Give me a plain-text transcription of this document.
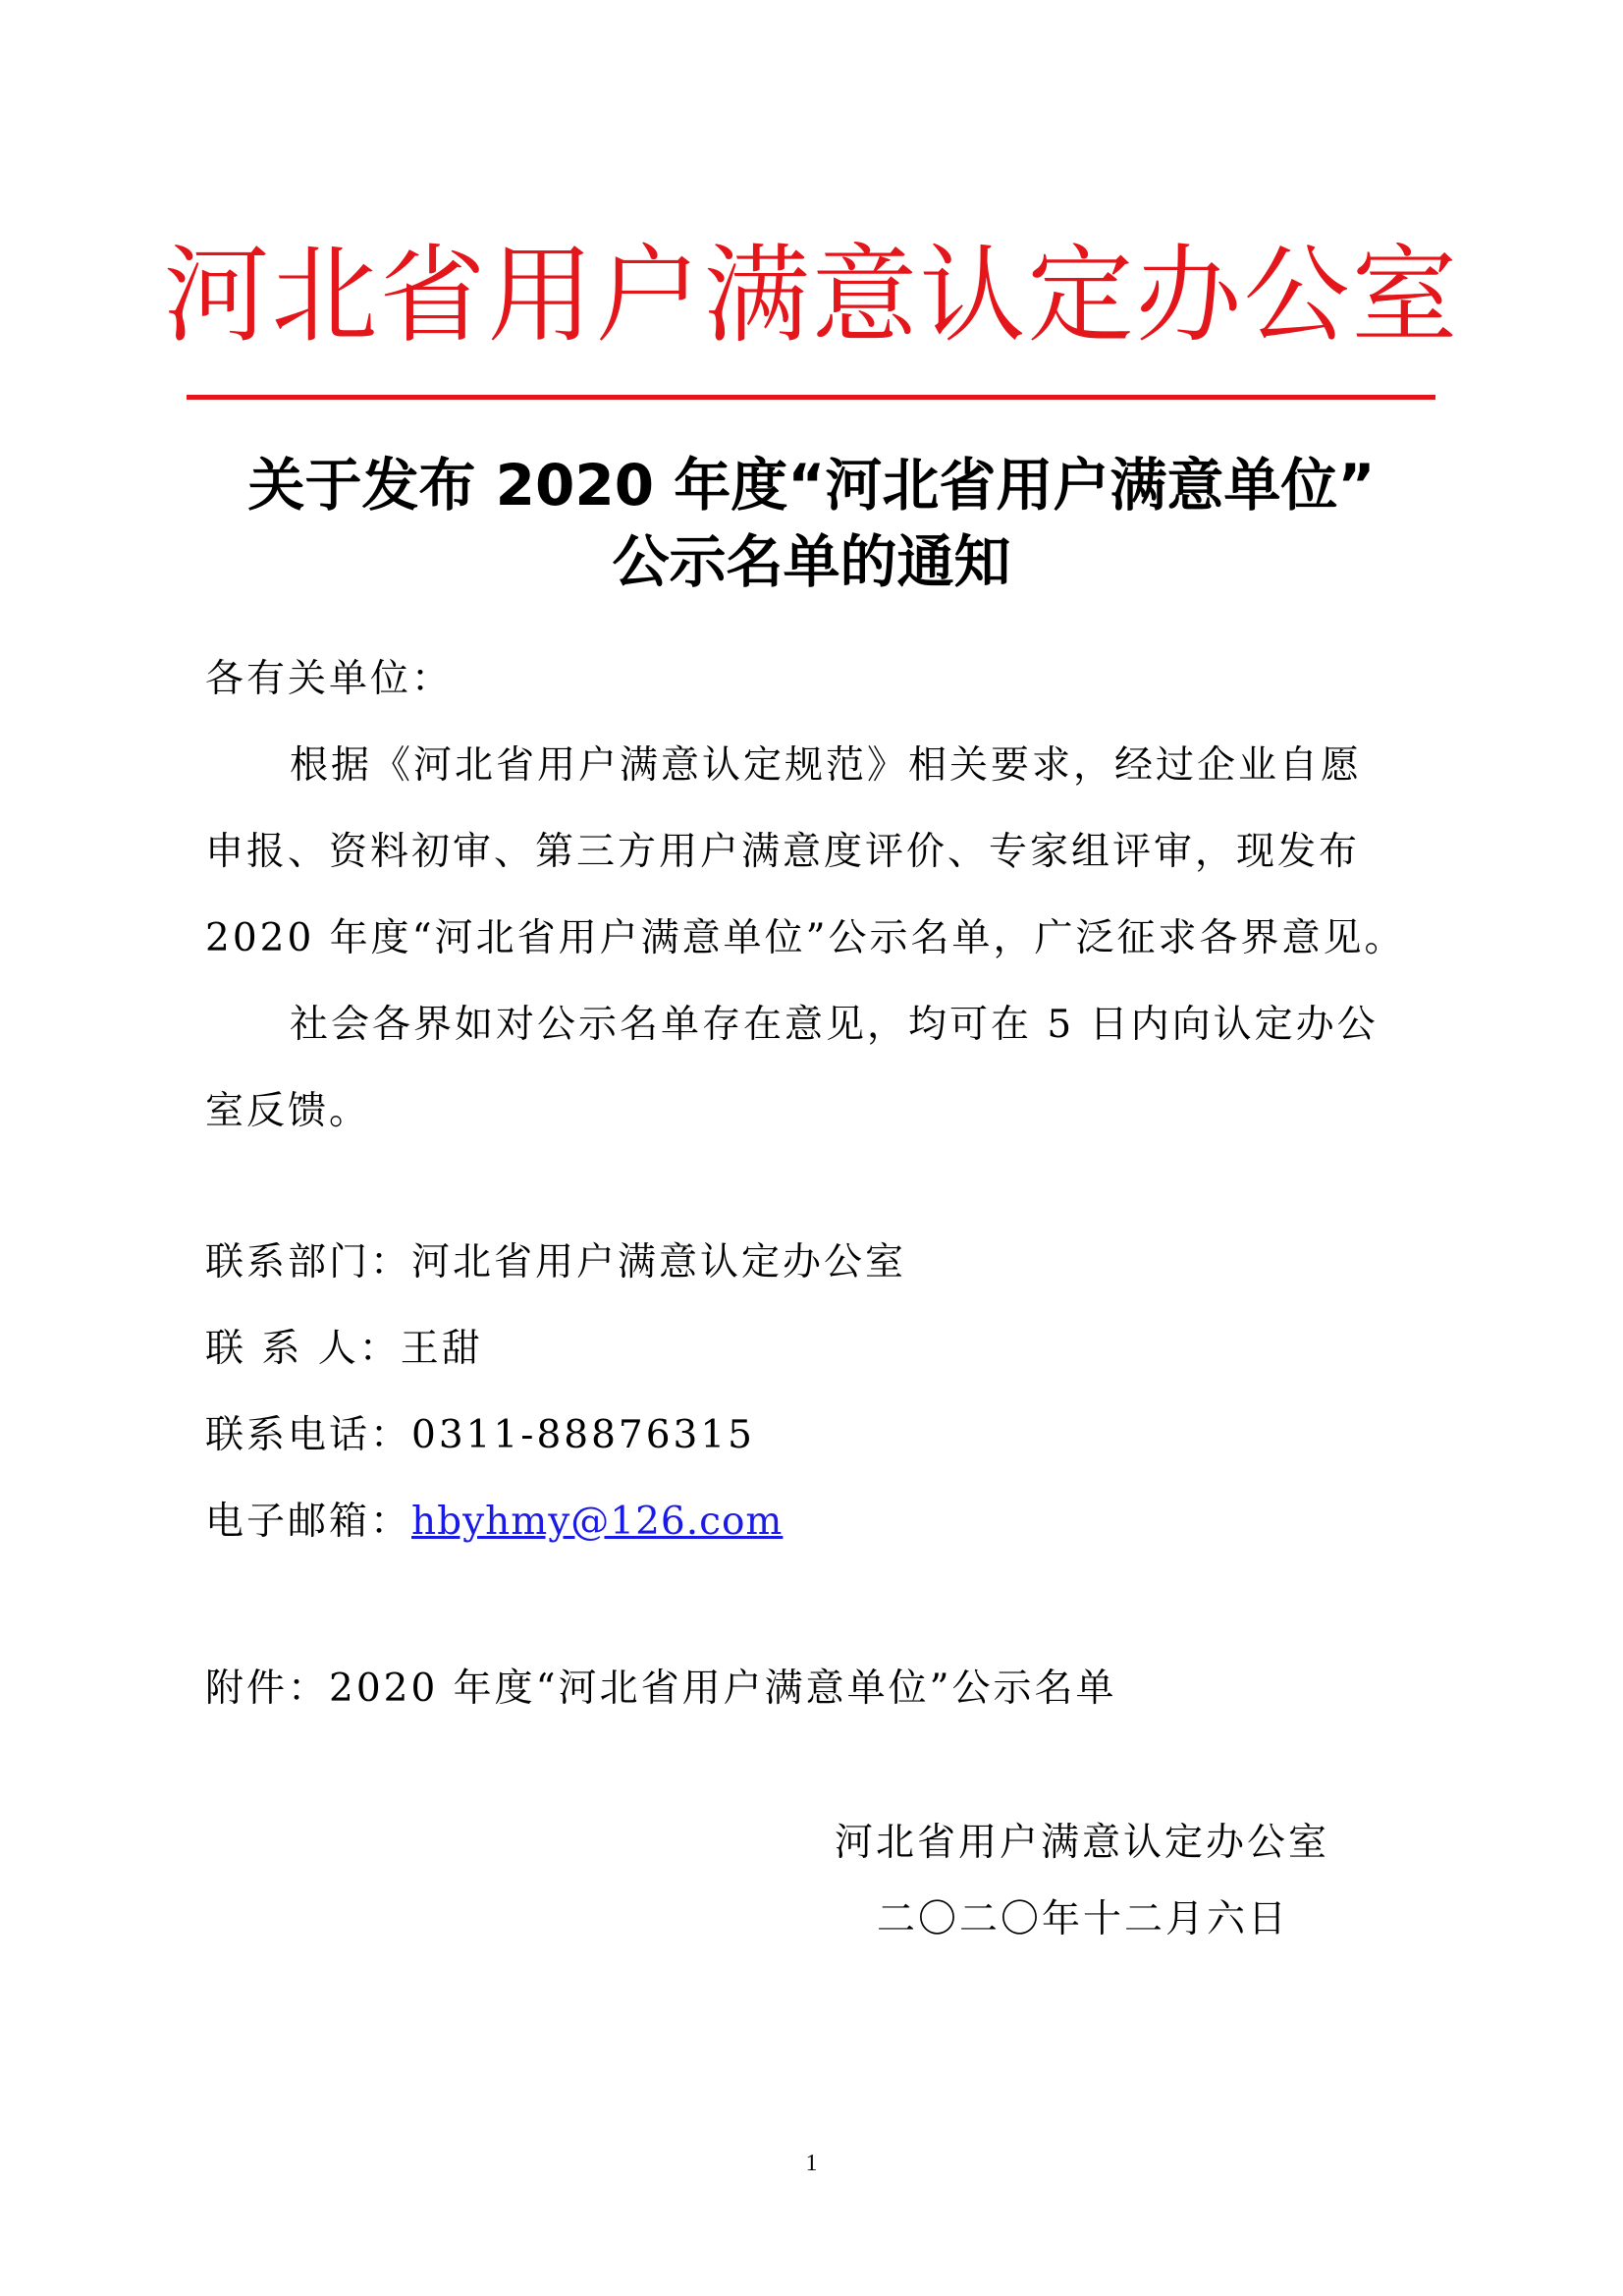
河北省用户满意认定办公室
关于发布 2020 年度“河北省用户满意单位”
公示名单的通知
各有关单位：
根据《河北省用户满意认定规范》相关要求，经过企业自愿
申报、资料初审、第三方用户满意度评价、专家组评审，现发布
2020 年度“河北省用户满意单位”公示名单，广泛征求各界意见。
社会各界如对公示名单存在意见，均可在 5 日内向认定办公
室反馈。
联系部门：河北省用户满意认定办公室
联 系 人：王甜
联系电话：0311-88876315
电子邮箱：hbyhmy@126.com
附件：2020 年度“河北省用户满意单位”公示名单
河北省用户满意认定办公室
二〇二〇年十二月六日
1
